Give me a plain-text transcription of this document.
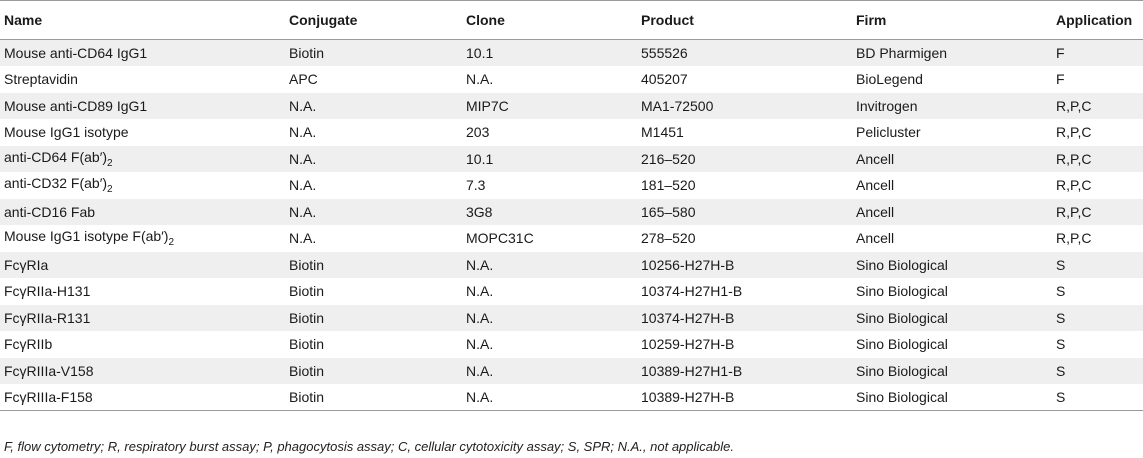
Name	Conjugate	Clone	Product	Firm	Application
Mouse anti-CD64 IgG1	Biotin	10.1	555526	BD Pharmigen	F
Streptavidin	APC	N.A.	405207	BioLegend	F
Mouse anti-CD89 IgG1	N.A.	MIP7C	MA1-72500	Invitrogen	R,P,C
Mouse IgG1 isotype	N.A.	203	M1451	Pelicluster	R,P,C
anti-CD64 $F(ab')_2$	N.A.	10.1	216–520	Ancell	R,P,C
anti-CD32 $F(ab')_2$	N.A.	7.3	181–520	Ancell	R,P,C
anti-CD16 Fab	N.A.	3G8	165–580	Ancell	R,P,C
Mouse IgG1 isotype $F(ab')_2$	N.A.	MOPC31C	278–520	Ancell	R,P,C
FcγRIa	Biotin	N.A.	10256-H27H-B	Sino Biological	S
FcγRIIa-H131	Biotin	N.A.	10374-H27H1-B	Sino Biological	S
FcγRIIa-R131	Biotin	N.A.	10374-H27H-B	Sino Biological	S
FcγRIIb	Biotin	N.A.	10259-H27H-B	Sino Biological	S
FcγRIIIa-V158	Biotin	N.A.	10389-H27H1-B	Sino Biological	S
FcγRIIIa-F158	Biotin	N.A.	10389-H27H-B	Sino Biological	S
F, flow cytometry; R, respiratory burst assay; P, phagocytosis assay; C, cellular cytotoxicity assay; S, SPR; N.A., not applicable.
